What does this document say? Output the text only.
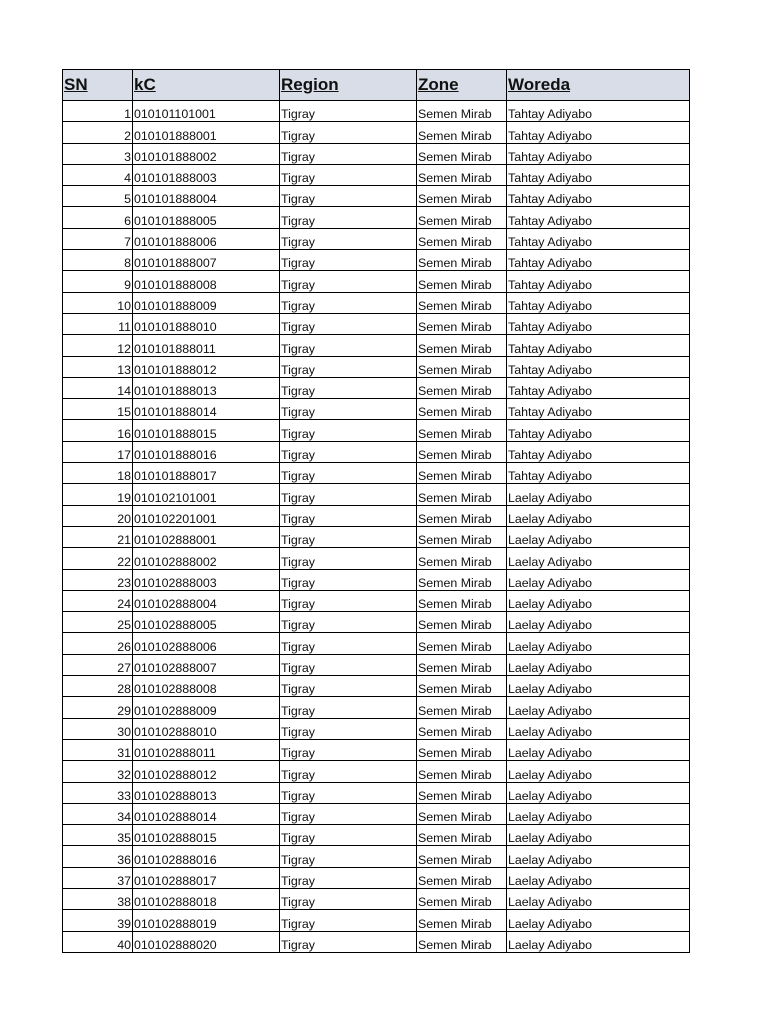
SN	kC	Region	Zone	Woreda
1	010101101001	Tigray	Semen Mirab	Tahtay Adiyabo
2	010101888001	Tigray	Semen Mirab	Tahtay Adiyabo
3	010101888002	Tigray	Semen Mirab	Tahtay Adiyabo
4	010101888003	Tigray	Semen Mirab	Tahtay Adiyabo
5	010101888004	Tigray	Semen Mirab	Tahtay Adiyabo
6	010101888005	Tigray	Semen Mirab	Tahtay Adiyabo
7	010101888006	Tigray	Semen Mirab	Tahtay Adiyabo
8	010101888007	Tigray	Semen Mirab	Tahtay Adiyabo
9	010101888008	Tigray	Semen Mirab	Tahtay Adiyabo
10	010101888009	Tigray	Semen Mirab	Tahtay Adiyabo
11	010101888010	Tigray	Semen Mirab	Tahtay Adiyabo
12	010101888011	Tigray	Semen Mirab	Tahtay Adiyabo
13	010101888012	Tigray	Semen Mirab	Tahtay Adiyabo
14	010101888013	Tigray	Semen Mirab	Tahtay Adiyabo
15	010101888014	Tigray	Semen Mirab	Tahtay Adiyabo
16	010101888015	Tigray	Semen Mirab	Tahtay Adiyabo
17	010101888016	Tigray	Semen Mirab	Tahtay Adiyabo
18	010101888017	Tigray	Semen Mirab	Tahtay Adiyabo
19	010102101001	Tigray	Semen Mirab	Laelay Adiyabo
20	010102201001	Tigray	Semen Mirab	Laelay Adiyabo
21	010102888001	Tigray	Semen Mirab	Laelay Adiyabo
22	010102888002	Tigray	Semen Mirab	Laelay Adiyabo
23	010102888003	Tigray	Semen Mirab	Laelay Adiyabo
24	010102888004	Tigray	Semen Mirab	Laelay Adiyabo
25	010102888005	Tigray	Semen Mirab	Laelay Adiyabo
26	010102888006	Tigray	Semen Mirab	Laelay Adiyabo
27	010102888007	Tigray	Semen Mirab	Laelay Adiyabo
28	010102888008	Tigray	Semen Mirab	Laelay Adiyabo
29	010102888009	Tigray	Semen Mirab	Laelay Adiyabo
30	010102888010	Tigray	Semen Mirab	Laelay Adiyabo
31	010102888011	Tigray	Semen Mirab	Laelay Adiyabo
32	010102888012	Tigray	Semen Mirab	Laelay Adiyabo
33	010102888013	Tigray	Semen Mirab	Laelay Adiyabo
34	010102888014	Tigray	Semen Mirab	Laelay Adiyabo
35	010102888015	Tigray	Semen Mirab	Laelay Adiyabo
36	010102888016	Tigray	Semen Mirab	Laelay Adiyabo
37	010102888017	Tigray	Semen Mirab	Laelay Adiyabo
38	010102888018	Tigray	Semen Mirab	Laelay Adiyabo
39	010102888019	Tigray	Semen Mirab	Laelay Adiyabo
40	010102888020	Tigray	Semen Mirab	Laelay Adiyabo
